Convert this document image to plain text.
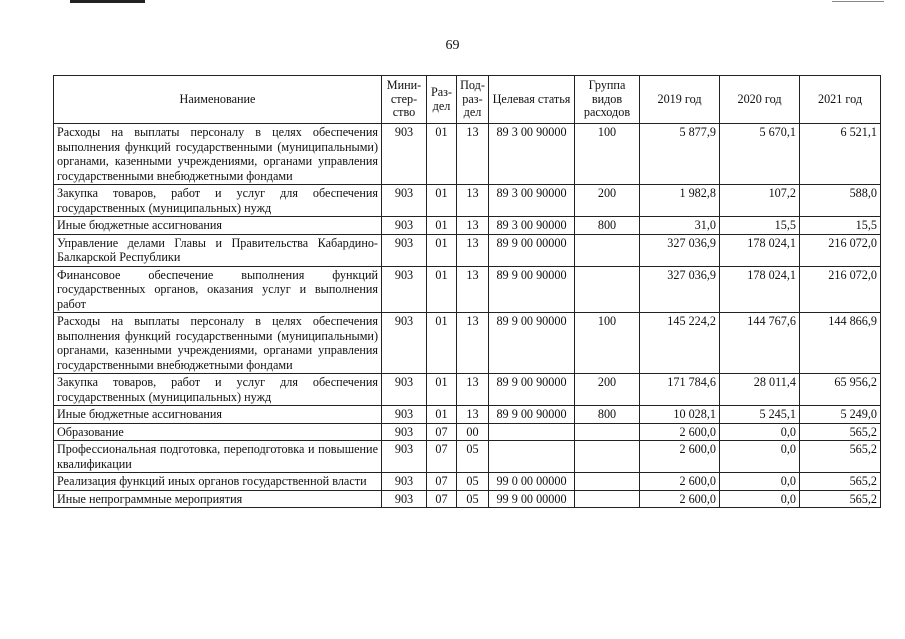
69
Наименование	Мини-стер-ство	Раз-дел	Под-раз-дел	Целевая статья	Группа видов расходов	2019 год	2020 год	2021 год
Расходы на выплаты персоналу в целях обеспечения выполнения функций государственными (муниципальными) органами, казенными учреждениями, органами управления государственными внебюджетными фондами	903	01	13	89 3 00 90000	100	5 877,9	5 670,1	6 521,1
Закупка товаров, работ и услуг для обеспечения государственных (муниципальных) нужд	903	01	13	89 3 00 90000	200	1 982,8	107,2	588,0
Иные бюджетные ассигнования	903	01	13	89 3 00 90000	800	31,0	15,5	15,5
Управление делами Главы и Правительства Кабардино-Балкарской Республики	903	01	13	89 9 00 00000		327 036,9	178 024,1	216 072,0
Финансовое обеспечение выполнения функций государственных органов, оказания услуг и выполнения работ	903	01	13	89 9 00 90000		327 036,9	178 024,1	216 072,0
Расходы на выплаты персоналу в целях обеспечения выполнения функций государственными (муниципальными) органами, казенными учреждениями, органами управления государственными внебюджетными фондами	903	01	13	89 9 00 90000	100	145 224,2	144 767,6	144 866,9
Закупка товаров, работ и услуг для обеспечения государственных (муниципальных) нужд	903	01	13	89 9 00 90000	200	171 784,6	28 011,4	65 956,2
Иные бюджетные ассигнования	903	01	13	89 9 00 90000	800	10 028,1	5 245,1	5 249,0
Образование	903	07	00			2 600,0	0,0	565,2
Профессиональная подготовка, переподготовка и повышение квалификации	903	07	05			2 600,0	0,0	565,2
Реализация функций иных органов государственной власти	903	07	05	99 0 00 00000		2 600,0	0,0	565,2
Иные непрограммные мероприятия	903	07	05	99 9 00 00000		2 600,0	0,0	565,2
